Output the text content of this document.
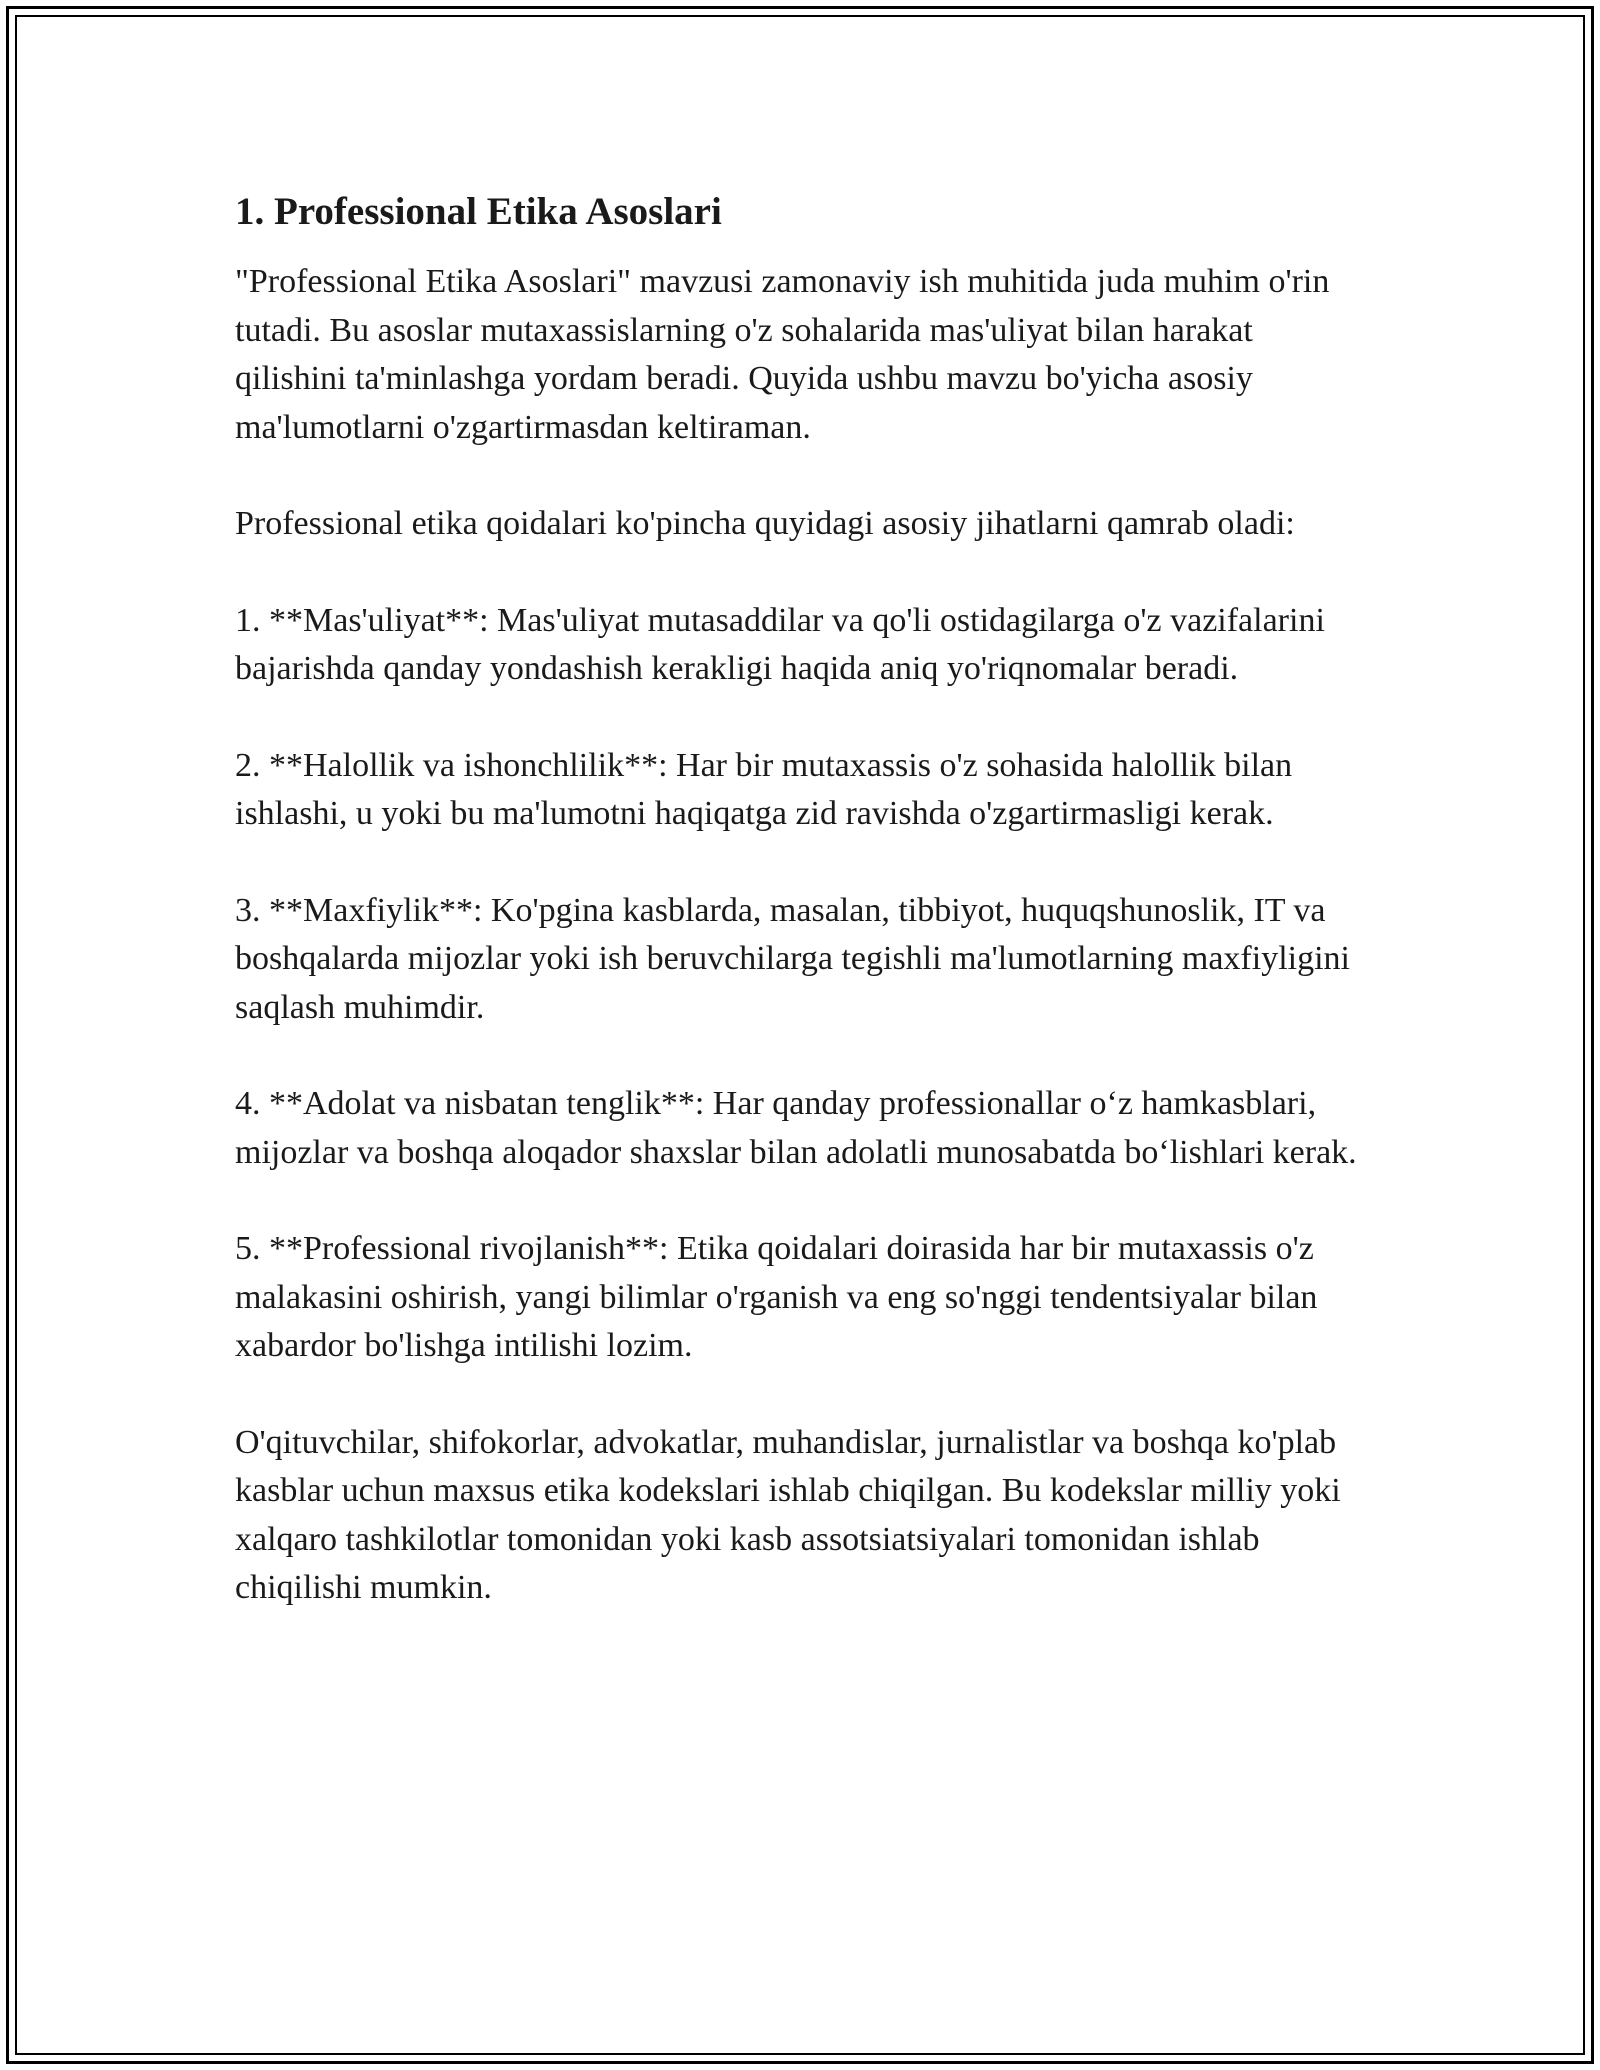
1. Professional Etika Asoslari

"Professional Etika Asoslari" mavzusi zamonaviy ish muhitida juda muhim o'rin tutadi. Bu asoslar mutaxassislarning o'z sohalarida mas'uliyat bilan harakat qilishini ta'minlashga yordam beradi. Quyida ushbu mavzu bo'yicha asosiy ma'lumotlarni o'zgartirmasdan keltiraman.

Professional etika qoidalari ko'pincha quyidagi asosiy jihatlarni qamrab oladi:

1. **Mas'uliyat**: Mas'uliyat mutasaddilar va qo'li ostidagilarga o'z vazifalarini bajarishda qanday yondashish kerakligi haqida aniq yo'riqnomalar beradi.

2. **Halollik va ishonchlilik**: Har bir mutaxassis o'z sohasida halollik bilan ishlashi, u yoki bu ma'lumotni haqiqatga zid ravishda o'zgartirmasligi kerak.

3. **Maxfiylik**: Ko'pgina kasblarda, masalan, tibbiyot, huquqshunoslik, IT va boshqalarda mijozlar yoki ish beruvchilarga tegishli ma'lumotlarning maxfiyligini saqlash muhimdir.

4. **Adolat va nisbatan tenglik**: Har qanday professionallar o‘z hamkasblari, mijozlar va boshqa aloqador shaxslar bilan adolatli munosabatda bo‘lishlari kerak.

5. **Professional rivojlanish**: Etika qoidalari doirasida har bir mutaxassis o'z malakasini oshirish, yangi bilimlar o'rganish va eng so'nggi tendentsiyalar bilan xabardor bo'lishga intilishi lozim.

O'qituvchilar, shifokorlar, advokatlar, muhandislar, jurnalistlar va boshqa ko'plab kasblar uchun maxsus etika kodekslari ishlab chiqilgan. Bu kodekslar milliy yoki xalqaro tashkilotlar tomonidan yoki kasb assotsiatsiyalari tomonidan ishlab chiqilishi mumkin.
